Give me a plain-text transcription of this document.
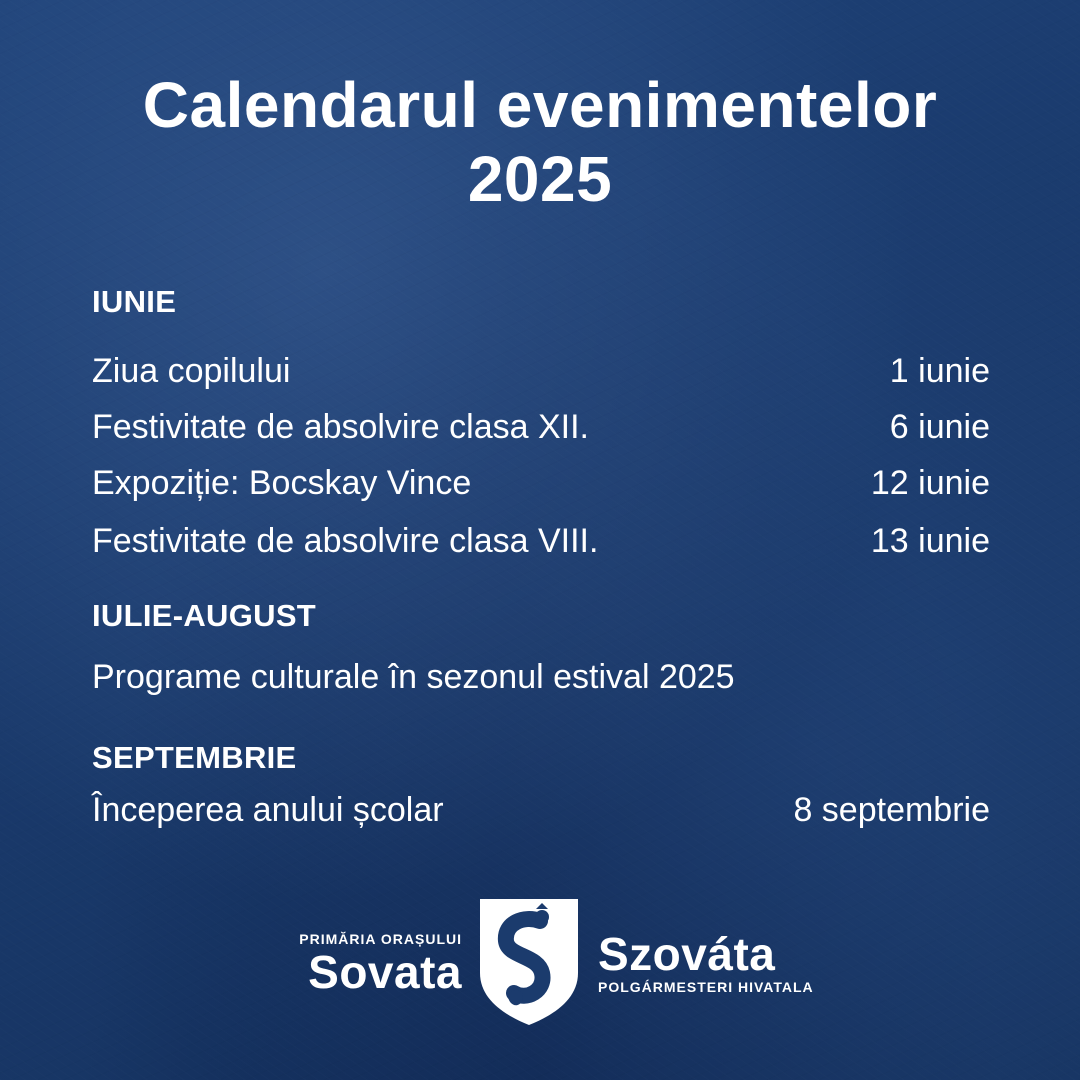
Calendarul evenimentelor
2025
IUNIE
Ziua copilului	1 iunie
Festivitate de absolvire clasa XII.	6 iunie
Expoziție: Bocskay Vince	12 iunie
Festivitate de absolvire clasa VIII.	13 iunie
IULIE-AUGUST
Programe culturale în sezonul estival 2025
SEPTEMBRIE
Începerea anului școlar	8 septembrie
PRIMĂRIA ORAȘULUI
Sovata	Szováta
POLGÁRMESTERI HIVATALA
